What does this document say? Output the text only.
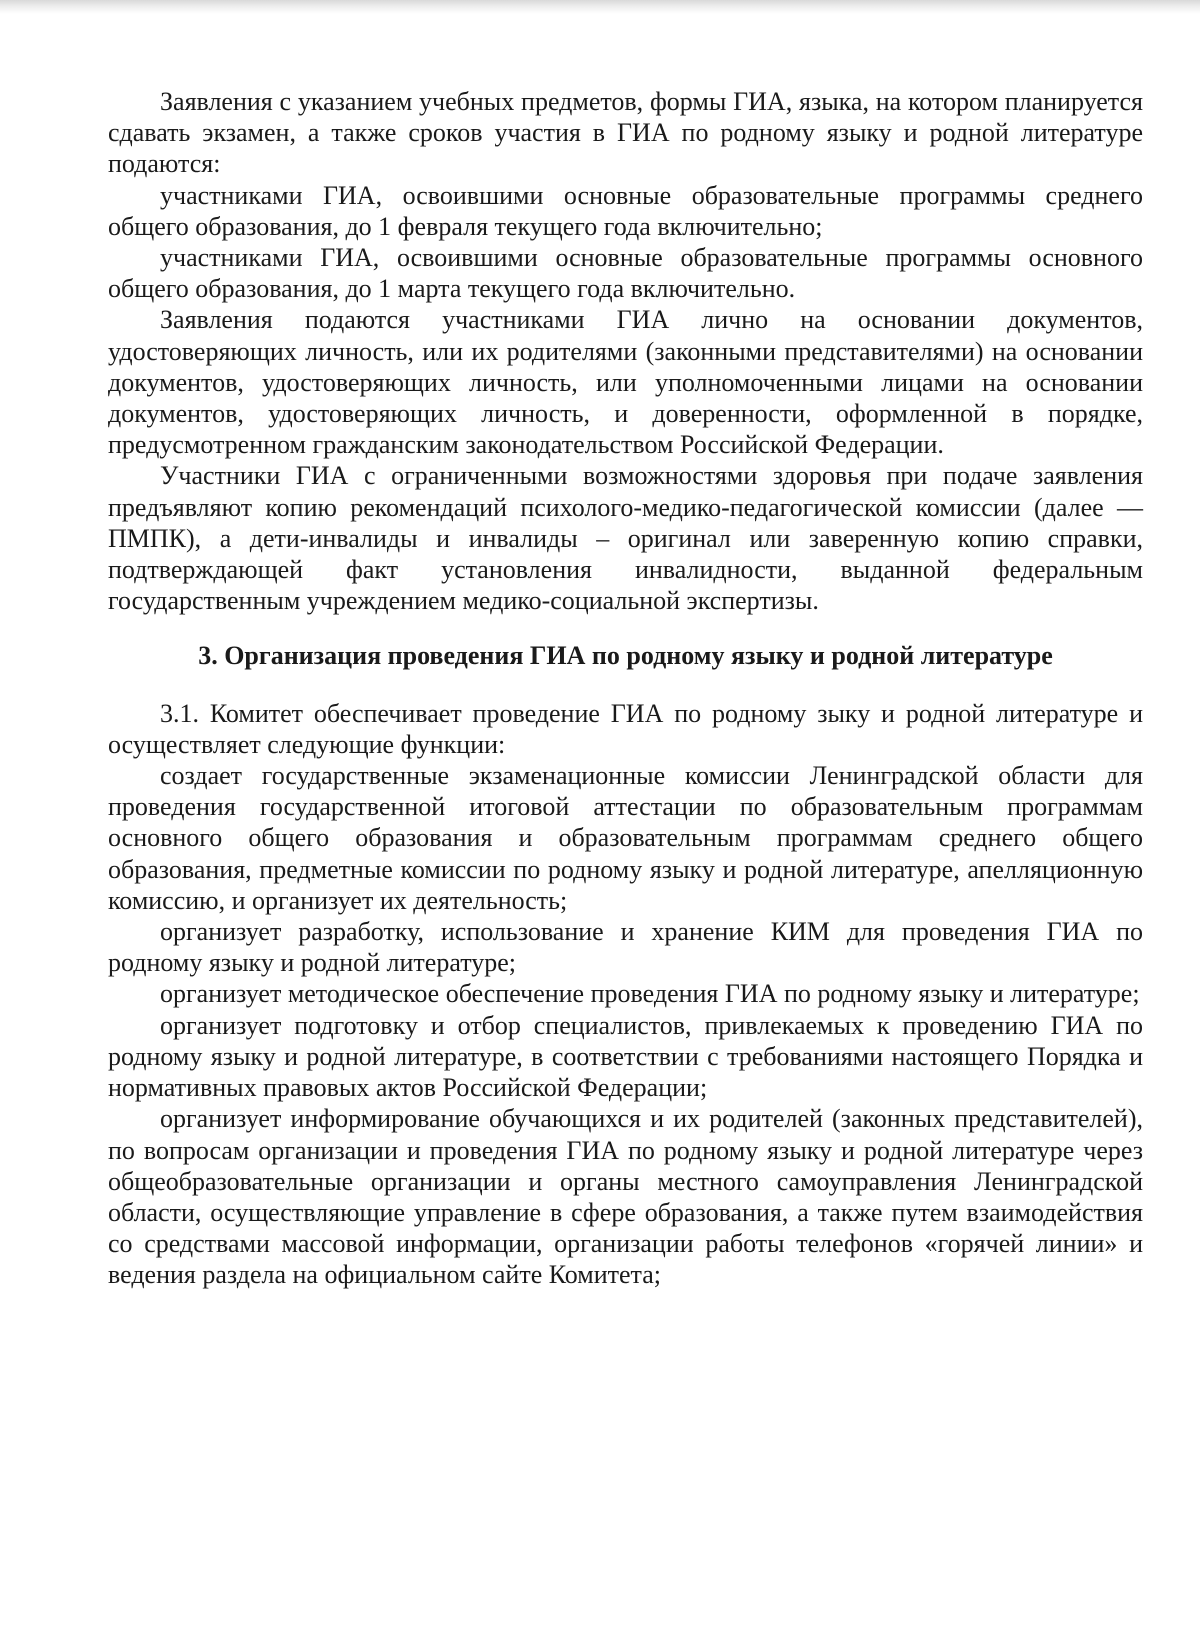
Заявления с указанием учебных предметов, формы ГИА, языка, на котором планируется сдавать экзамен, а также сроков участия в ГИА по родному языку и родной литературе подаются:

участниками ГИА, освоившими основные образовательные программы среднего общего образования, до 1 февраля текущего года включительно;

участниками ГИА, освоившими основные образовательные программы основного общего образования, до 1 марта текущего года включительно.

Заявления подаются участниками ГИА лично на основании документов, удостоверяющих личность, или их родителями (законными представителями) на основании документов, удостоверяющих личность, или уполномоченными лицами на основании документов, удостоверяющих личность, и доверенности, оформленной в порядке, предусмотренном гражданским законодательством Российской Федерации.

Участники ГИА с ограниченными возможностями здоровья при подаче заявления предъявляют копию рекомендаций психолого-медико-педагогической комиссии (далее — ПМПК), а дети-инвалиды и инвалиды – оригинал или заверенную копию справки, подтверждающей факт установления инвалидности, выданной федеральным государственным учреждением медико-социальной экспертизы.

3. Организация проведения ГИА по родному языку и родной литературе

3.1. Комитет обеспечивает проведение ГИА по родному зыку и родной литературе и осуществляет следующие функции:

создает государственные экзаменационные комиссии Ленинградской области для проведения государственной итоговой аттестации по образовательным программам основного общего образования и образовательным программам среднего общего образования, предметные комиссии по родному языку и родной литературе, апелляционную комиссию, и организует их деятельность;

организует разработку, использование и хранение КИМ для проведения ГИА по родному языку и родной литературе;

организует методическое обеспечение проведения ГИА по родному языку и литературе;

организует подготовку и отбор специалистов, привлекаемых к проведению ГИА по родному языку и родной литературе, в соответствии с требованиями настоящего Порядка и нормативных правовых актов Российской Федерации;

организует информирование обучающихся и их родителей (законных представителей), по вопросам организации и проведения ГИА по родному языку и родной литературе через общеобразовательные организации и органы местного самоуправления Ленинградской области, осуществляющие управление в сфере образования, а также путем взаимодействия со средствами массовой информации, организации работы телефонов «горячей линии» и ведения раздела на официальном сайте Комитета;
